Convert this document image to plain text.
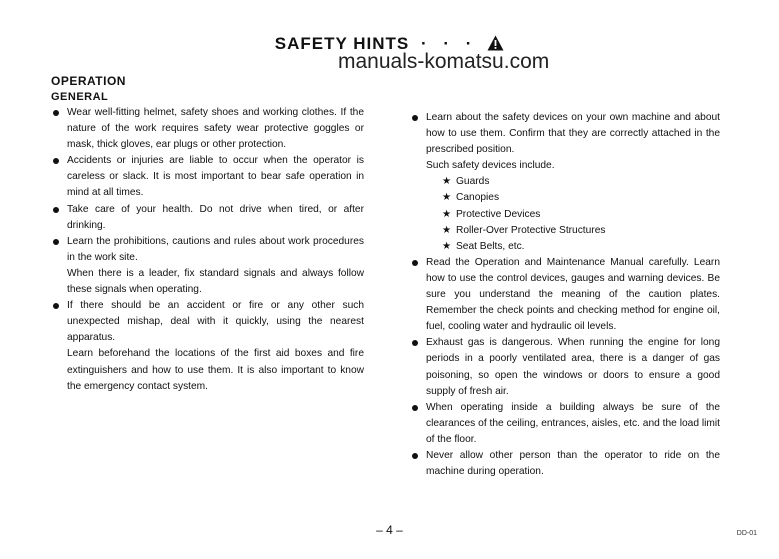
SAFETY HINTS · · ·
manuals-komatsu.com
OPERATION
GENERAL
Wear well-fitting helmet, safety shoes and working clothes. If the nature of the work requires safety wear protective goggles or mask, thick gloves, ear plugs or other protection.
Accidents or injuries are liable to occur when the operator is careless or slack. It is most important to bear safe operation in mind at all times.
Take care of your health. Do not drive when tired, or after drinking.
Learn the prohibitions, cautions and rules about work procedures in the work site.
When there is a leader, fix standard signals and always follow these signals when operating.
If there should be an accident or fire or any other such unexpected mishap, deal with it quickly, using the nearest apparatus.
Learn beforehand the locations of the first aid boxes and fire extinguishers and how to use them. It is also important to know the emergency contact system.
Learn about the safety devices on your own machine and about how to use them. Confirm that they are correctly attached in the prescribed position.
Such safety devices include.
★ Guards
★ Canopies
★ Protective Devices
★ Roller-Over Protective Structures
★ Seat Belts, etc.
Read the Operation and Maintenance Manual carefully. Learn how to use the control devices, gauges and warning devices. Be sure you understand the meaning of the caution plates. Remember the check points and checking method for engine oil, fuel, cooling water and hydraulic oil levels.
Exhaust gas is dangerous. When running the engine for long periods in a poorly ventilated area, there is a danger of gas poisoning, so open the windows or doors to ensure a good supply of fresh air.
When operating inside a building always be sure of the clearances of the ceiling, entrances, aisles, etc. and the load limit of the floor.
Never allow other person than the operator to ride on the machine during operation.
– 4 –	DD-01
